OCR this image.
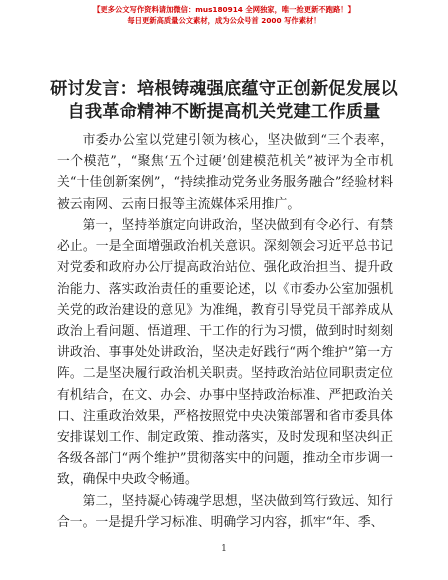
【更多公文写作资料请加微信：mus180914 全网独家，唯一抢更新不跑路！】
每日更新高质量公文素材，成为公众号首 2000 写作素材！
研讨发言：培根铸魂强底蕴守正创新促发展以
自我革命精神不断提高机关党建工作质量

市委办公室以党建引领为核心，坚决做到“三个表率，一个模范”，“聚焦‘五个过硬’创建模范机关”被评为全市机关“十佳创新案例”，“持续推动党务业务服务融合”经验材料被云南网、云南日报等主流媒体采用推广。

第一，坚持举旗定向讲政治，坚决做到有令必行、有禁必止。一是全面增强政治机关意识。深刻领会习近平总书记对党委和政府办公厅提高政治站位、强化政治担当、提升政治能力、落实政治责任的重要论述，以《市委办公室加强机关党的政治建设的意见》为准绳，教育引导党员干部养成从政治上看问题、悟道理、干工作的行为习惯，做到时时刻刻讲政治、事事处处讲政治，坚决走好践行“两个维护”第一方阵。二是坚决履行政治机关职责。坚持政治站位同职责定位有机结合，在文、办会、办事中坚持政治标准、严把政治关口、注重政治效果，严格按照党中央决策部署和省市委具体安排谋划工作、制定政策、推动落实，及时发现和坚决纠正各级各部门“两个维护”贯彻落实中的问题，推动全市步调一致，确保中央政令畅通。

第二，坚持凝心铸魂学思想，坚决做到笃行致远、知行合一。一是提升学习标准、明确学习内容，抓牢“年、季、

1
